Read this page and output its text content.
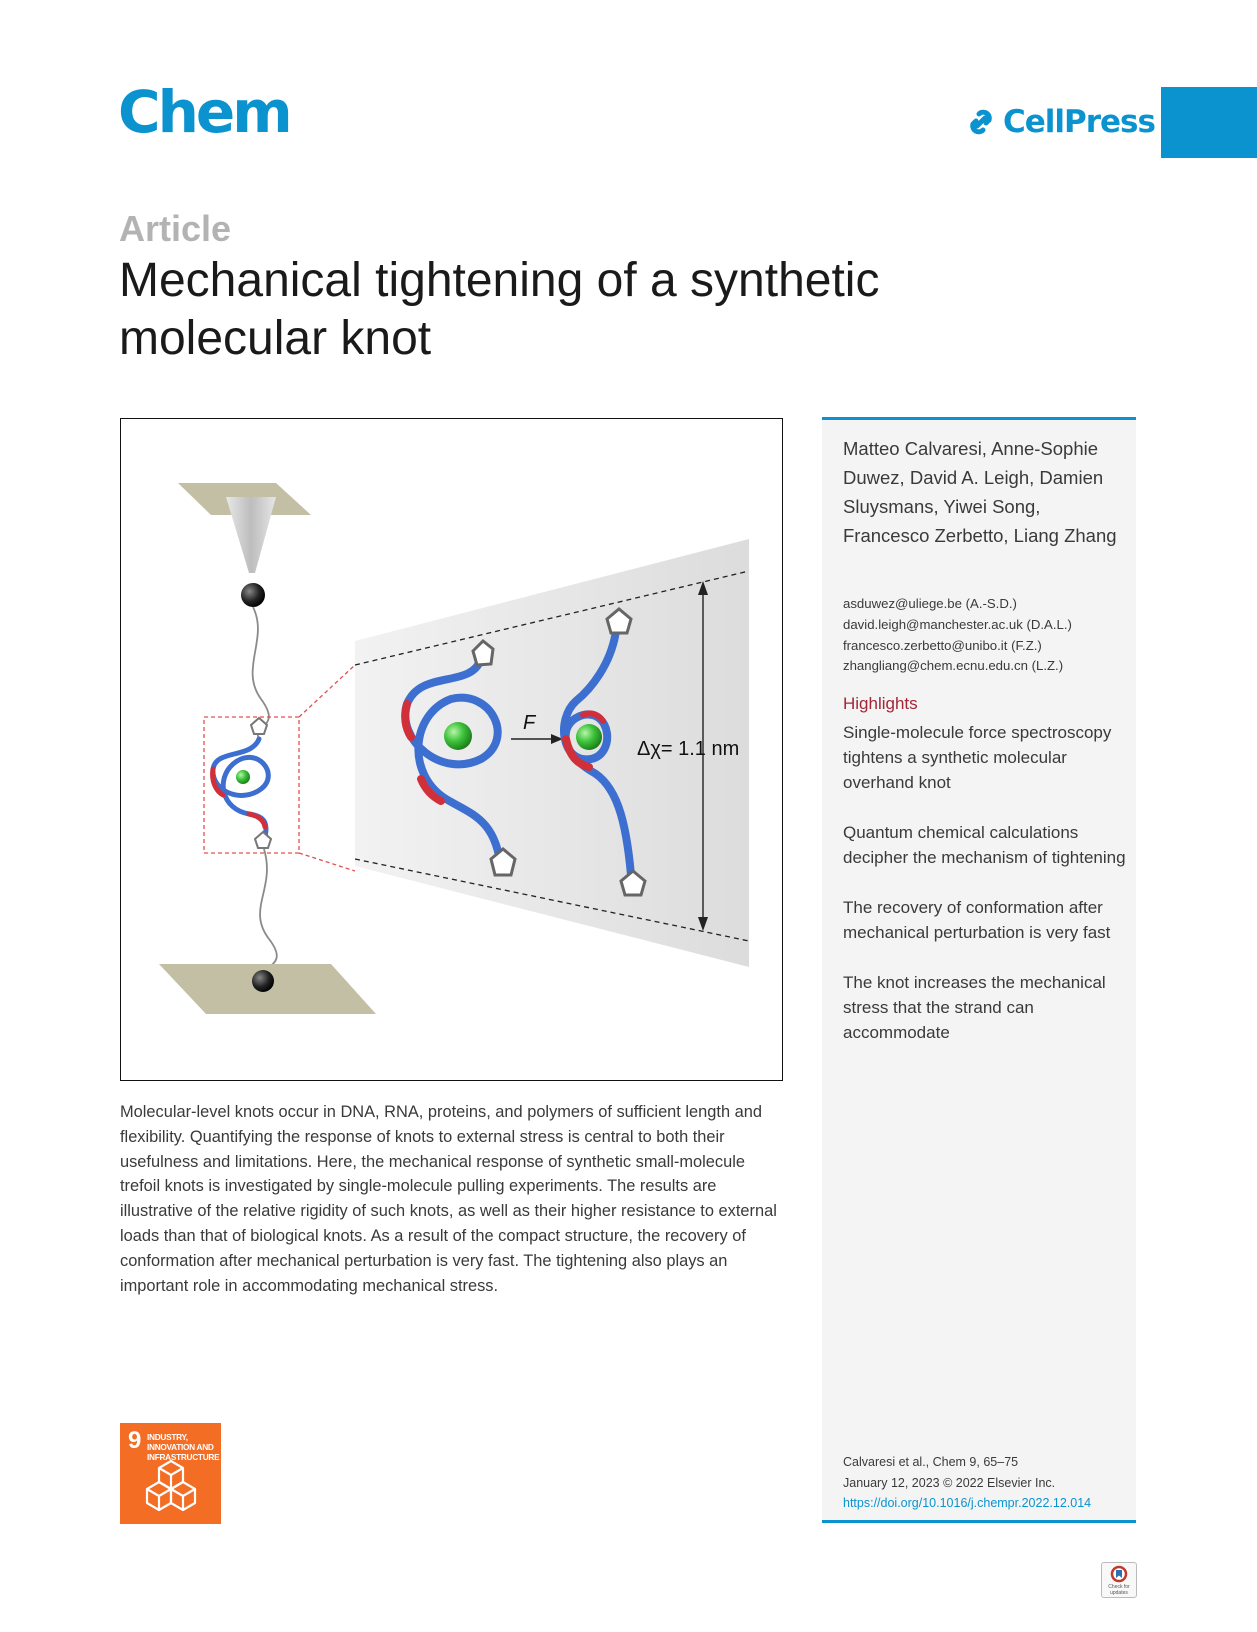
Chem	CellPress
Article
Mechanical tightening of a synthetic molecular knot
Δχ= 1.1 nm
F

Molecular-level knots occur in DNA, RNA, proteins, and polymers of sufficient length and flexibility. Quantifying the response of knots to external stress is central to both their usefulness and limitations. Here, the mechanical response of synthetic small-molecule trefoil knots is investigated by single-molecule pulling experiments. The results are illustrative of the relative rigidity of such knots, as well as their higher resistance to external loads than that of biological knots. As a result of the compact structure, the recovery of conformation after mechanical perturbation is very fast. The tightening also plays an important role in accommodating mechanical stress.

Matteo Calvaresi, Anne-Sophie Duwez, David A. Leigh, Damien Sluysmans, Yiwei Song, Francesco Zerbetto, Liang Zhang

asduwez@uliege.be (A.-S.D.)
david.leigh@manchester.ac.uk (D.A.L.)
francesco.zerbetto@unibo.it (F.Z.)
zhangliang@chem.ecnu.edu.cn (L.Z.)
Highlights
Single-molecule force spectroscopy tightens a synthetic molecular overhand knot
Quantum chemical calculations decipher the mechanism of tightening
The recovery of conformation after mechanical perturbation is very fast
The knot increases the mechanical stress that the strand can accommodate
Calvaresi et al., Chem 9, 65–75
January 12, 2023 © 2022 Elsevier Inc.
https://doi.org/10.1016/j.chempr.2022.12.014
9 INDUSTRY, INNOVATION AND INFRASTRUCTURE
Check for updates
